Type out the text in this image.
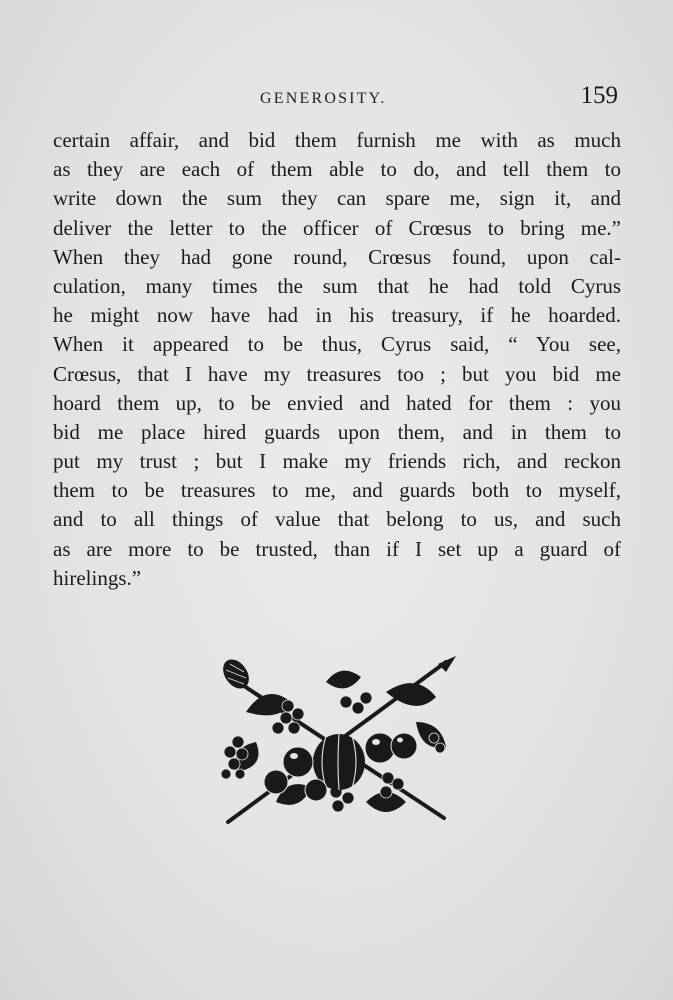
GENEROSITY.	159
certain affair, and bid them furnish me with as much
as they are each of them able to do, and tell them to
write down the sum they can spare me, sign it, and
deliver the letter to the officer of Crœsus to bring me.”
When they had gone round, Crœsus found, upon cal-
culation, many times the sum that he had told Cyrus
he might now have had in his treasury, if he hoarded.
When it appeared to be thus, Cyrus said, “ You see,
Crœsus, that I have my treasures too ; but you bid me
hoard them up, to be envied and hated for them : you
bid me place hired guards upon them, and in them to
put my trust ; but I make my friends rich, and reckon
them to be treasures to me, and guards both to myself,
and to all things of value that belong to us, and such
as are more to be trusted, than if I set up a guard of
hirelings.”
